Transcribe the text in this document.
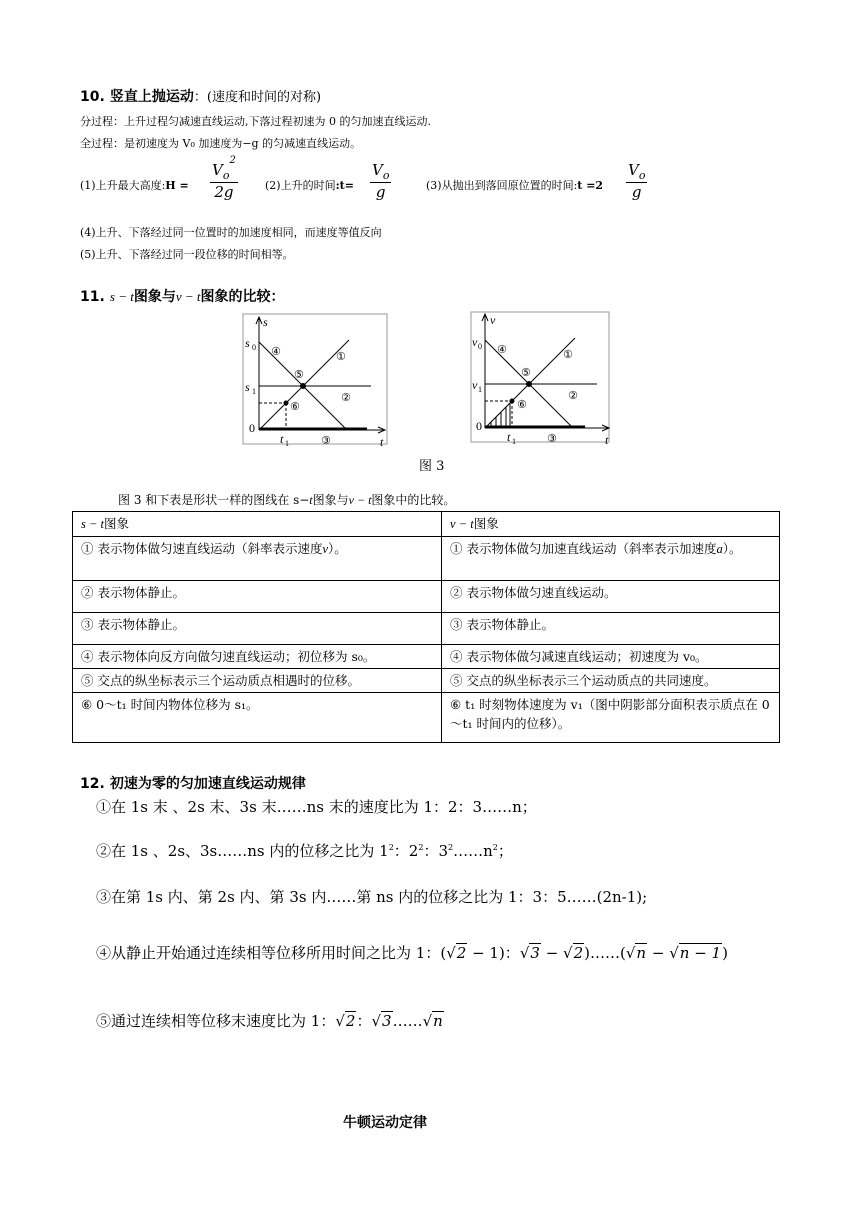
10. 竖直上抛运动：(速度和时间的对称)
分过程：上升过程匀减速直线运动,下落过程初速为 0 的匀加速直线运动.
全过程：是初速度为 V₀ 加速度为−g 的匀减速直线运动。
(1)上升最大高度:H = $\frac{V_o^2}{2g} (2)$上升的时间:t= $\frac{V_o}{g}$	(3)从抛出到落回原位置的时间:t $=2 \frac{V_o}{g}$
(4)上升、下落经过同一位置时的加速度相同，而速度等值反向
(5)上升、下落经过同一段位移的时间相等。
11. s − t图象与v − t图象的比较：
s
t
s 0
s 1
0
t 1
①
②
③
④
⑤
⑥
v
t
v 0
v 1
0
t 1
①
②
③
④
⑤
⑥
图 3
图 3 和下表是形状一样的图线在 s−t图象与v − t图象中的比较。
s − t图象	v − t图象
① 表示物体做匀速直线运动（斜率表示速度v）。	① 表示物体做匀加速直线运动（斜率表示加速度a）。
② 表示物体静止。	② 表示物体做匀速直线运动。
③ 表示物体静止。	③ 表示物体静止。
④ 表示物体向反方向做匀速直线运动；初位移为 s₀。	④ 表示物体做匀减速直线运动；初速度为 v₀。
⑤ 交点的纵坐标表示三个运动质点相遇时的位移。	⑤ 交点的纵坐标表示三个运动质点的共同速度。
⑥ 0～t₁ 时间内物体位移为 s₁。	⑥ t₁ 时刻物体速度为 v₁（图中阴影部分面积表示质点在 0～t₁ 时间内的位移）。
12. 初速为零的匀加速直线运动规律
①在 1s 末 、2s 末、3s 末……ns 末的速度比为 1：2：3……n；
②在 1s 、2s、3s……ns 内的位移之比为 $1^2$：$2^2$：$3^2\dots\dots n^2$；
③在第 1s 内、第 2s 内、第 3s 内……第 ns 内的位移之比为 1：3：5……(2n-1);
④从静止开始通过连续相等位移所用时间之比为 1：(√2 − 1)：√3 − √2)……(√n − √n − 1)
⑤通过连续相等位移末速度比为 1：√2：√3……√n
牛顿运动定律
